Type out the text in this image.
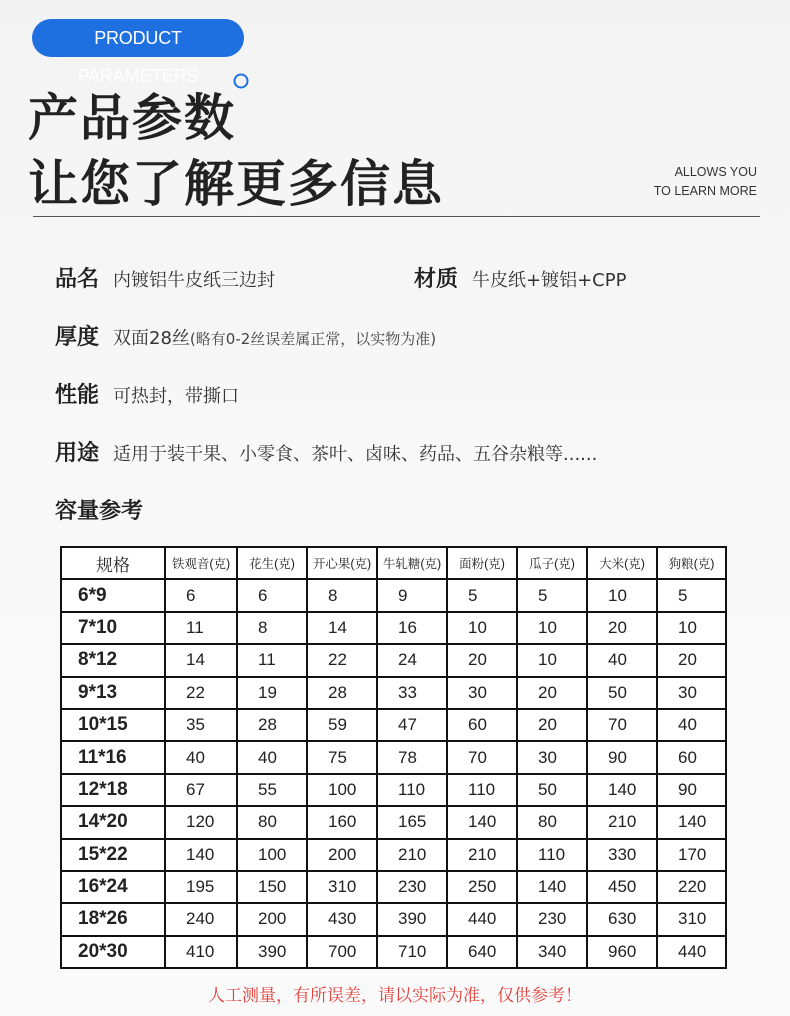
PRODUCT PARAMETERS
产品参数
让您了解更多信息	ALLOWS YOU
TO LEARN MORE
品名 内镀铝牛皮纸三边封	材质 牛皮纸+镀铝+CPP
厚度 双面28丝(略有0-2丝误差属正常，以实物为准)
性能 可热封，带撕口
用途 适用于装干果、小零食、茶叶、卤味、药品、五谷杂粮等......
容量参考
规格	铁观音(克)	花生(克)	开心果(克)	牛轧糖(克)	面粉(克)	瓜子(克)	大米(克)	狗粮(克)
6*9	6	6	8	9	5	5	10	5
7*10	11	8	14	16	10	10	20	10
8*12	14	11	22	24	20	10	40	20
9*13	22	19	28	33	30	20	50	30
10*15	35	28	59	47	60	20	70	40
11*16	40	40	75	78	70	30	90	60
12*18	67	55	100	110	110	50	140	90
14*20	120	80	160	165	140	80	210	140
15*22	140	100	200	210	210	110	330	170
16*24	195	150	310	230	250	140	450	220
18*26	240	200	430	390	440	230	630	310
20*30	410	390	700	710	640	340	960	440
人工测量，有所误差，请以实际为准，仅供参考！
